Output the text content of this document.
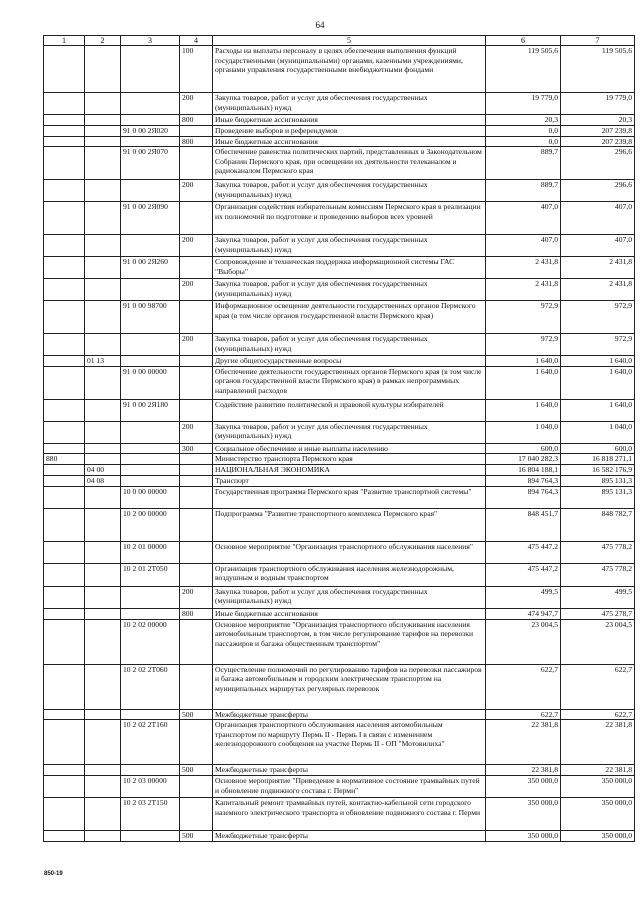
64
1	2	3	4	5	6	7
			100	Расходы на выплаты персоналу в целях обеспечения выполнения функций государственными (муниципальными) органами, казенными учреждениями, органами управления государственными внебюджетными фондами	119 505,6	119 505,6
			200	Закупка товаров, работ и услуг для обеспечения государственных (муниципальных) нужд	19 779,0	19 779,0
			800	Иные бюджетные ассигнования	20,3	20,3
		91 0 00 2Я020		Проведение выборов и референдумов	0,0	207 239,8
			800	Иные бюджетные ассигнования	0,0	207 239,8
		91 0 00 2Я070		Обеспечение равенства политических партий, представленных в Законодательном Собрании Пермского края, при освещении их деятельности телеканалом и радиоканалом Пермского края	889,7	296,6
			200	Закупка товаров, работ и услуг для обеспечения государственных (муниципальных) нужд	889,7	296,6
		91 0 00 2Я090		Организация содействия избирательным комиссиям Пермского края в реализации их полномочий по подготовке и проведению выборов всех уровней	407,0	407,0
			200	Закупка товаров, работ и услуг для обеспечения государственных (муниципальных) нужд	407,0	407,0
		91 0 00 2Я260		Сопровождение и техническая поддержка информационной системы ГАС "Выборы"	2 431,8	2 431,8
			200	Закупка товаров, работ и услуг для обеспечения государственных (муниципальных) нужд	2 431,8	2 431,8
		91 0 00 98700		Информационное освещение деятельности государственных органов Пермского края (в том числе органов государственной власти Пермского края)	972,9	972,9
			200	Закупка товаров, работ и услуг для обеспечения государственных (муниципальных) нужд	972,9	972,9
	01 13			Другие общегосударственные вопросы	1 640,0	1 640,0
		91 0 00 00000		Обеспечение деятельности государственных органов Пермского края (в том числе органов государственной власти Пермского края) в рамках непрограммных направлений расходов	1 640,0	1 640,0
		91 0 00 2Я180		Содействие развитию политической и правовой культуры избирателей	1 640,0	1 640,0
			200	Закупка товаров, работ и услуг для обеспечения государственных (муниципальных) нужд	1 040,0	1 040,0
			300	Социальное обеспечение и иные выплаты населению	600,0	600,0
880				Министерство транспорта Пермского края	17 040 282,3	16 818 271,1
	04 00			НАЦИОНАЛЬНАЯ ЭКОНОМИКА	16 804 188,1	16 582 176,9
	04 08			Транспорт	894 764,3	895 131,3
		10 0 00 00000		Государственная программа Пермского края "Развитие транспортной системы"	894 764,3	895 131,3
		10 2 00 00000		Подпрограмма "Развитие транспортного комплекса Пермского края"	848 451,7	848 782,7
		10 2 01 00000		Основное мероприятие "Организация транспортного обслуживания населения"	475 447,2	475 778,2
		10 2 01 2Т050		Организация транспортного обслуживания населения железнодорожным, воздушным и водным транспортом	475 447,2	475 778,2
			200	Закупка товаров, работ и услуг для обеспечения государственных (муниципальных) нужд	499,5	499,5
			800	Иные бюджетные ассигнования	474 947,7	475 278,7
		10 2 02 00000		Основное мероприятие "Организация транспортного обслуживания населения автомобильным транспортом, в том числе регулирование тарифов на перевозки пассажиров и багажа общественным транспортом"	23 004,5	23 004,5
		10 2 02 2Т060		Осуществление полномочий по регулированию тарифов на перевозки пассажиров и багажа автомобильным и городским электрическим транспортом на муниципальных маршрутах регулярных перевозок	622,7	622,7
			500	Межбюджетные трансферты	622,7	622,7
		10 2 02 2Т160		Организация транспортного обслуживания населения автомобильным транспортом по маршруту Пермь II - Пермь I в связи с изменением железнодорожного сообщения на участке Пермь II - ОП "Мотовилиха"	22 381,8	22 381,8
			500	Межбюджетные трансферты	22 381,8	22 381,8
		10 2 03 00000		Основное мероприятие "Приведение в нормативное состояние трамвайных путей и обновление подвижного состава г. Перми"	350 000,0	350 000,0
		10 2 03 2Т150		Капитальный ремонт трамвайных путей, контактно-кабельной сети городского наземного электрического транспорта и обновление подвижного состава г. Перми	350 000,0	350 000,0
			500	Межбюджетные трансферты	350 000,0	350 000,0
850-19
